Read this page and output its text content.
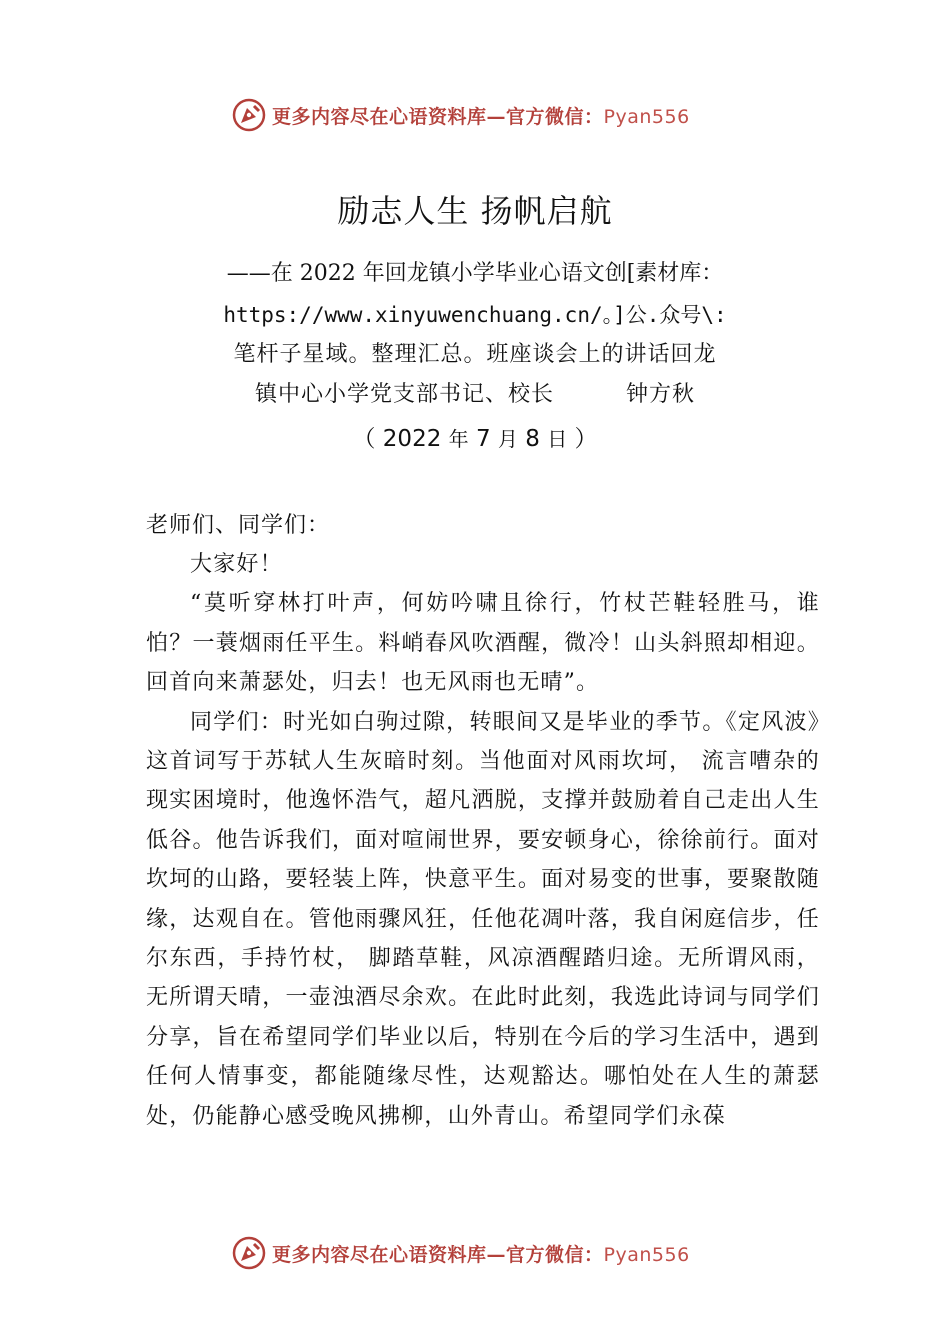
更多内容尽在心语资料库—官方微信：Pyan556
励志人生 扬帆启航
——在 2022 年回龙镇小学毕业心语文创[素材库：
https://www.xinyuwenchuang.cn/。]公.众号\:
笔杆子星域。整理汇总。班座谈会上的讲话回龙
镇中心小学党支部书记、校长	钟方秋
（ 2022 年 7 月 8 日 ）
老师们、同学们：

大家好！

“莫听穿林打叶声，何妨吟啸且徐行，竹杖芒鞋轻胜马，谁怕？一蓑烟雨任平生。料峭春风吹酒醒，微冷！山头斜照却相迎。回首向来萧瑟处，归去！也无风雨也无晴”。

同学们：时光如白驹过隙，转眼间又是毕业的季节。《定风波》这首词写于苏轼人生灰暗时刻。当他面对风雨坎坷， 流言嘈杂的现实困境时，他逸怀浩气，超凡洒脱，支撑并鼓励着自己走出人生低谷。他告诉我们，面对喧闹世界，要安顿身心，徐徐前行。面对坎坷的山路，要轻装上阵，快意平生。面对易变的世事，要聚散随缘，达观自在。管他雨骤风狂，任他花凋叶落，我自闲庭信步，任尔东西，手持竹杖， 脚踏草鞋，风凉酒醒踏归途。无所谓风雨，无所谓天晴，一壶浊酒尽余欢。在此时此刻，我选此诗词与同学们分享，旨在希望同学们毕业以后，特别在今后的学习生活中，遇到任何人情事变，都能随缘尽性，达观豁达。哪怕处在人生的萧瑟处，仍能静心感受晚风拂柳，山外青山。希望同学们永葆

更多内容尽在心语资料库—官方微信：Pyan556
